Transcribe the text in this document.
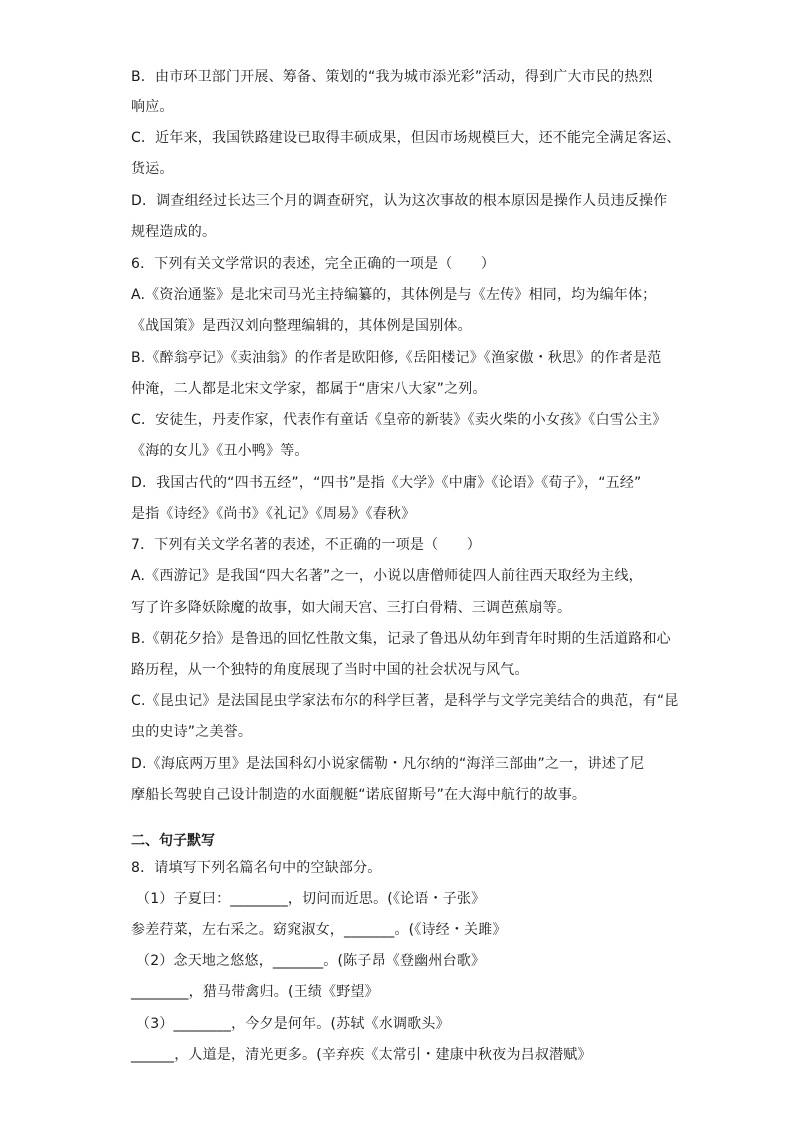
B．由市环卫部门开展、筹备、策划的“我为城市添光彩”活动，得到广大市民的热烈
响应。
C．近年来，我国铁路建设已取得丰硕成果，但因市场规模巨大，还不能完全满足客运、
货运。
D．调查组经过长达三个月的调查研究，认为这次事故的根本原因是操作人员违反操作
规程造成的。
6．下列有关文学常识的表述，完全正确的一项是（　　）
A.《资治通鉴》是北宋司马光主持编纂的，其体例是与《左传》相同，均为编年体；
《战国策》是西汉刘向整理编辑的，其体例是国别体。
B.《醉翁亭记》《卖油翁》的作者是欧阳修,《岳阳楼记》《渔家傲・秋思》的作者是范
仲淹，二人都是北宋文学家，都属于“唐宋八大家”之列。
C．安徒生，丹麦作家，代表作有童话《皇帝的新装》《卖火柴的小女孩》《白雪公主》
《海的女儿》《丑小鸭》等。
D．我国古代的“四书五经”，“四书”是指《大学》《中庸》《论语》《荀子》，“五经”
是指《诗经》《尚书》《礼记》《周易》《春秋》
7．下列有关文学名著的表述，不正确的一项是（　　）
A.《西游记》是我国“四大名著”之一，小说以唐僧师徒四人前往西天取经为主线，
写了许多降妖除魔的故事，如大闹天宫、三打白骨精、三调芭蕉扇等。
B.《朝花夕拾》是鲁迅的回忆性散文集，记录了鲁迅从幼年到青年时期的生活道路和心
路历程，从一个独特的角度展现了当时中国的社会状况与风气。
C.《昆虫记》是法国昆虫学家法布尔的科学巨著，是科学与文学完美结合的典范，有“昆
虫的史诗”之美誉。
D.《海底两万里》是法国科幻小说家儒勒・凡尔纳的“海洋三部曲”之一，讲述了尼
摩船长驾驶自己设计制造的水面舰艇“诺底留斯号”在大海中航行的故事。
二、句子默写
8．请填写下列名篇名句中的空缺部分。
（1）子夏曰：________，切问而近思。(《论语・子张》
参差荇菜，左右采之。窈窕淑女，_______。(《诗经・关雎》
（2）念天地之悠悠，_______。(陈子昂《登幽州台歌》
________，猎马带禽归。(王绩《野望》
（3）________，今夕是何年。(苏轼《水调歌头》
______，人道是，清光更多。(辛弃疾《太常引・建康中秋夜为吕叔潜赋》
